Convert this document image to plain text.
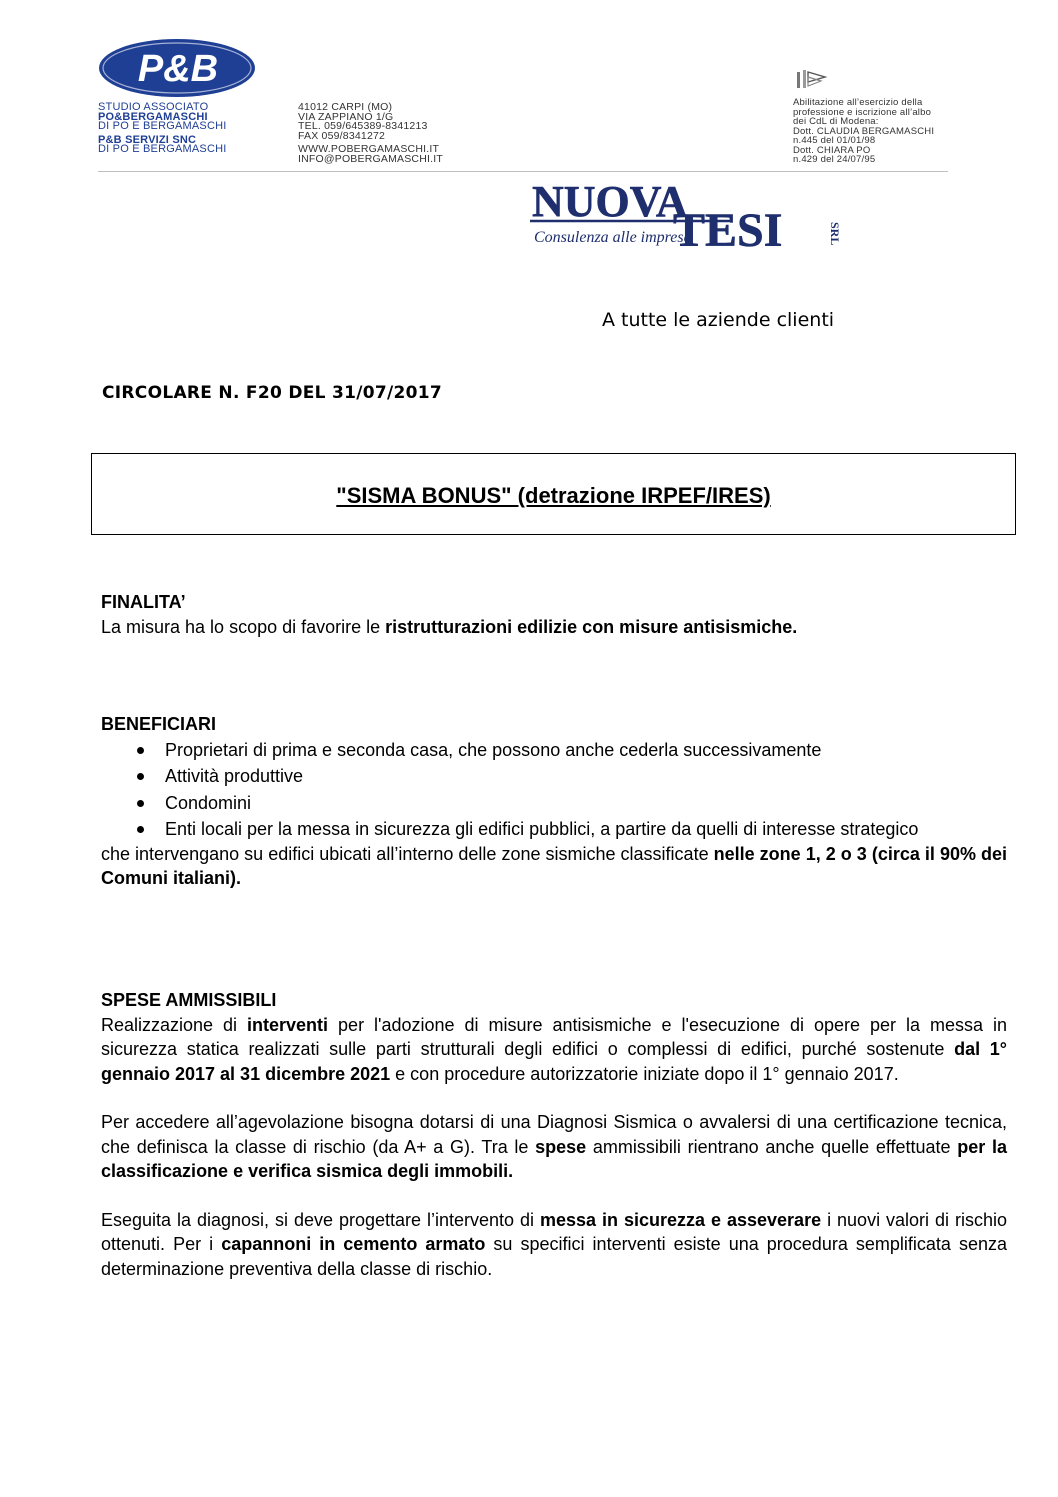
P&B
STUDIO ASSOCIATO
PO&BERGAMASCHI
DI PO E BERGAMASCHI
P&B SERVIZI SNC
DI PO E BERGAMASCHI
41012 CARPI (MO)
VIA ZAPPIANO 1/G
TEL. 059/645389-8341213
FAX 059/8341272
WWW.POBERGAMASCHI.IT
INFO@POBERGAMASCHI.IT
Abilitazione all’esercizio della
professione e iscrizione all’albo
dei CdL di Modena:
Dott. CLAUDIA BERGAMASCHI
n.445 del 01/01/98
Dott. CHIARA PO
n.429 del 24/07/95
NUOVA
TESI
Consulenza alle imprese	SRL
A tutte le aziende clienti
CIRCOLARE N. F20 DEL 31/07/2017
"SISMA BONUS" (detrazione IRPEF/IRES)
FINALITA’

La misura ha lo scopo di favorire le ristrutturazioni edilizie con misure antisismiche.

BENEFICIARI
Proprietari di prima e seconda casa, che possono anche cederla successivamente
Attività produttive
Condomini
Enti locali per la messa in sicurezza gli edifici pubblici, a partire da quelli di interesse strategico

che intervengano su edifici ubicati all’interno delle zone sismiche classificate nelle zone 1, 2 o 3 (circa il 90% dei Comuni italiani).

SPESE AMMISSIBILI

Realizzazione di interventi per l'adozione di misure antisismiche e l'esecuzione di opere per la messa in sicurezza statica realizzati sulle parti strutturali degli edifici o complessi di edifici, purché sostenute dal 1° gennaio 2017 al 31 dicembre 2021 e con procedure autorizzatorie iniziate dopo il 1° gennaio 2017.

Per accedere all’agevolazione bisogna dotarsi di una Diagnosi Sismica o avvalersi di una certificazione tecnica, che definisca la classe di rischio (da A+ a G). Tra le spese ammissibili rientrano anche quelle effettuate per la classificazione e verifica sismica degli immobili.

Eseguita la diagnosi, si deve progettare l’intervento di messa in sicurezza e asseverare i nuovi valori di rischio ottenuti. Per i capannoni in cemento armato su specifici interventi esiste una procedura semplificata senza determinazione preventiva della classe di rischio.
